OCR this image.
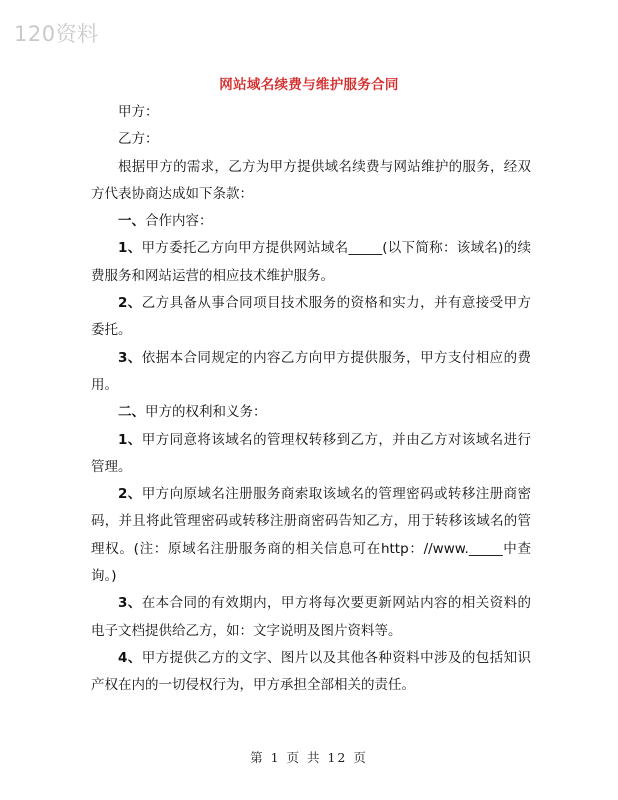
120资料
网站域名续费与维护服务合同

甲方：

乙方：

根据甲方的需求，乙方为甲方提供域名续费与网站维护的服务，经双方代表协商达成如下条款：

一、合作内容：

1、甲方委托乙方向甲方提供网站域名_____(以下简称：该域名)的续费服务和网站运营的相应技术维护服务。

2、乙方具备从事合同项目技术服务的资格和实力，并有意接受甲方委托。

3、依据本合同规定的内容乙方向甲方提供服务，甲方支付相应的费用。

二、甲方的权利和义务：

1、甲方同意将该域名的管理权转移到乙方，并由乙方对该域名进行管理。

2、甲方向原域名注册服务商索取该域名的管理密码或转移注册商密码，并且将此管理密码或转移注册商密码告知乙方，用于转移该域名的管理权。(注：原域名注册服务商的相关信息可在http：//www._____中查询。)

3、在本合同的有效期内，甲方将每次要更新网站内容的相关资料的电子文档提供给乙方，如：文字说明及图片资料等。

4、甲方提供乙方的文字、图片以及其他各种资料中涉及的包括知识产权在内的一切侵权行为，甲方承担全部相关的责任。

第 1 页 共 12 页
